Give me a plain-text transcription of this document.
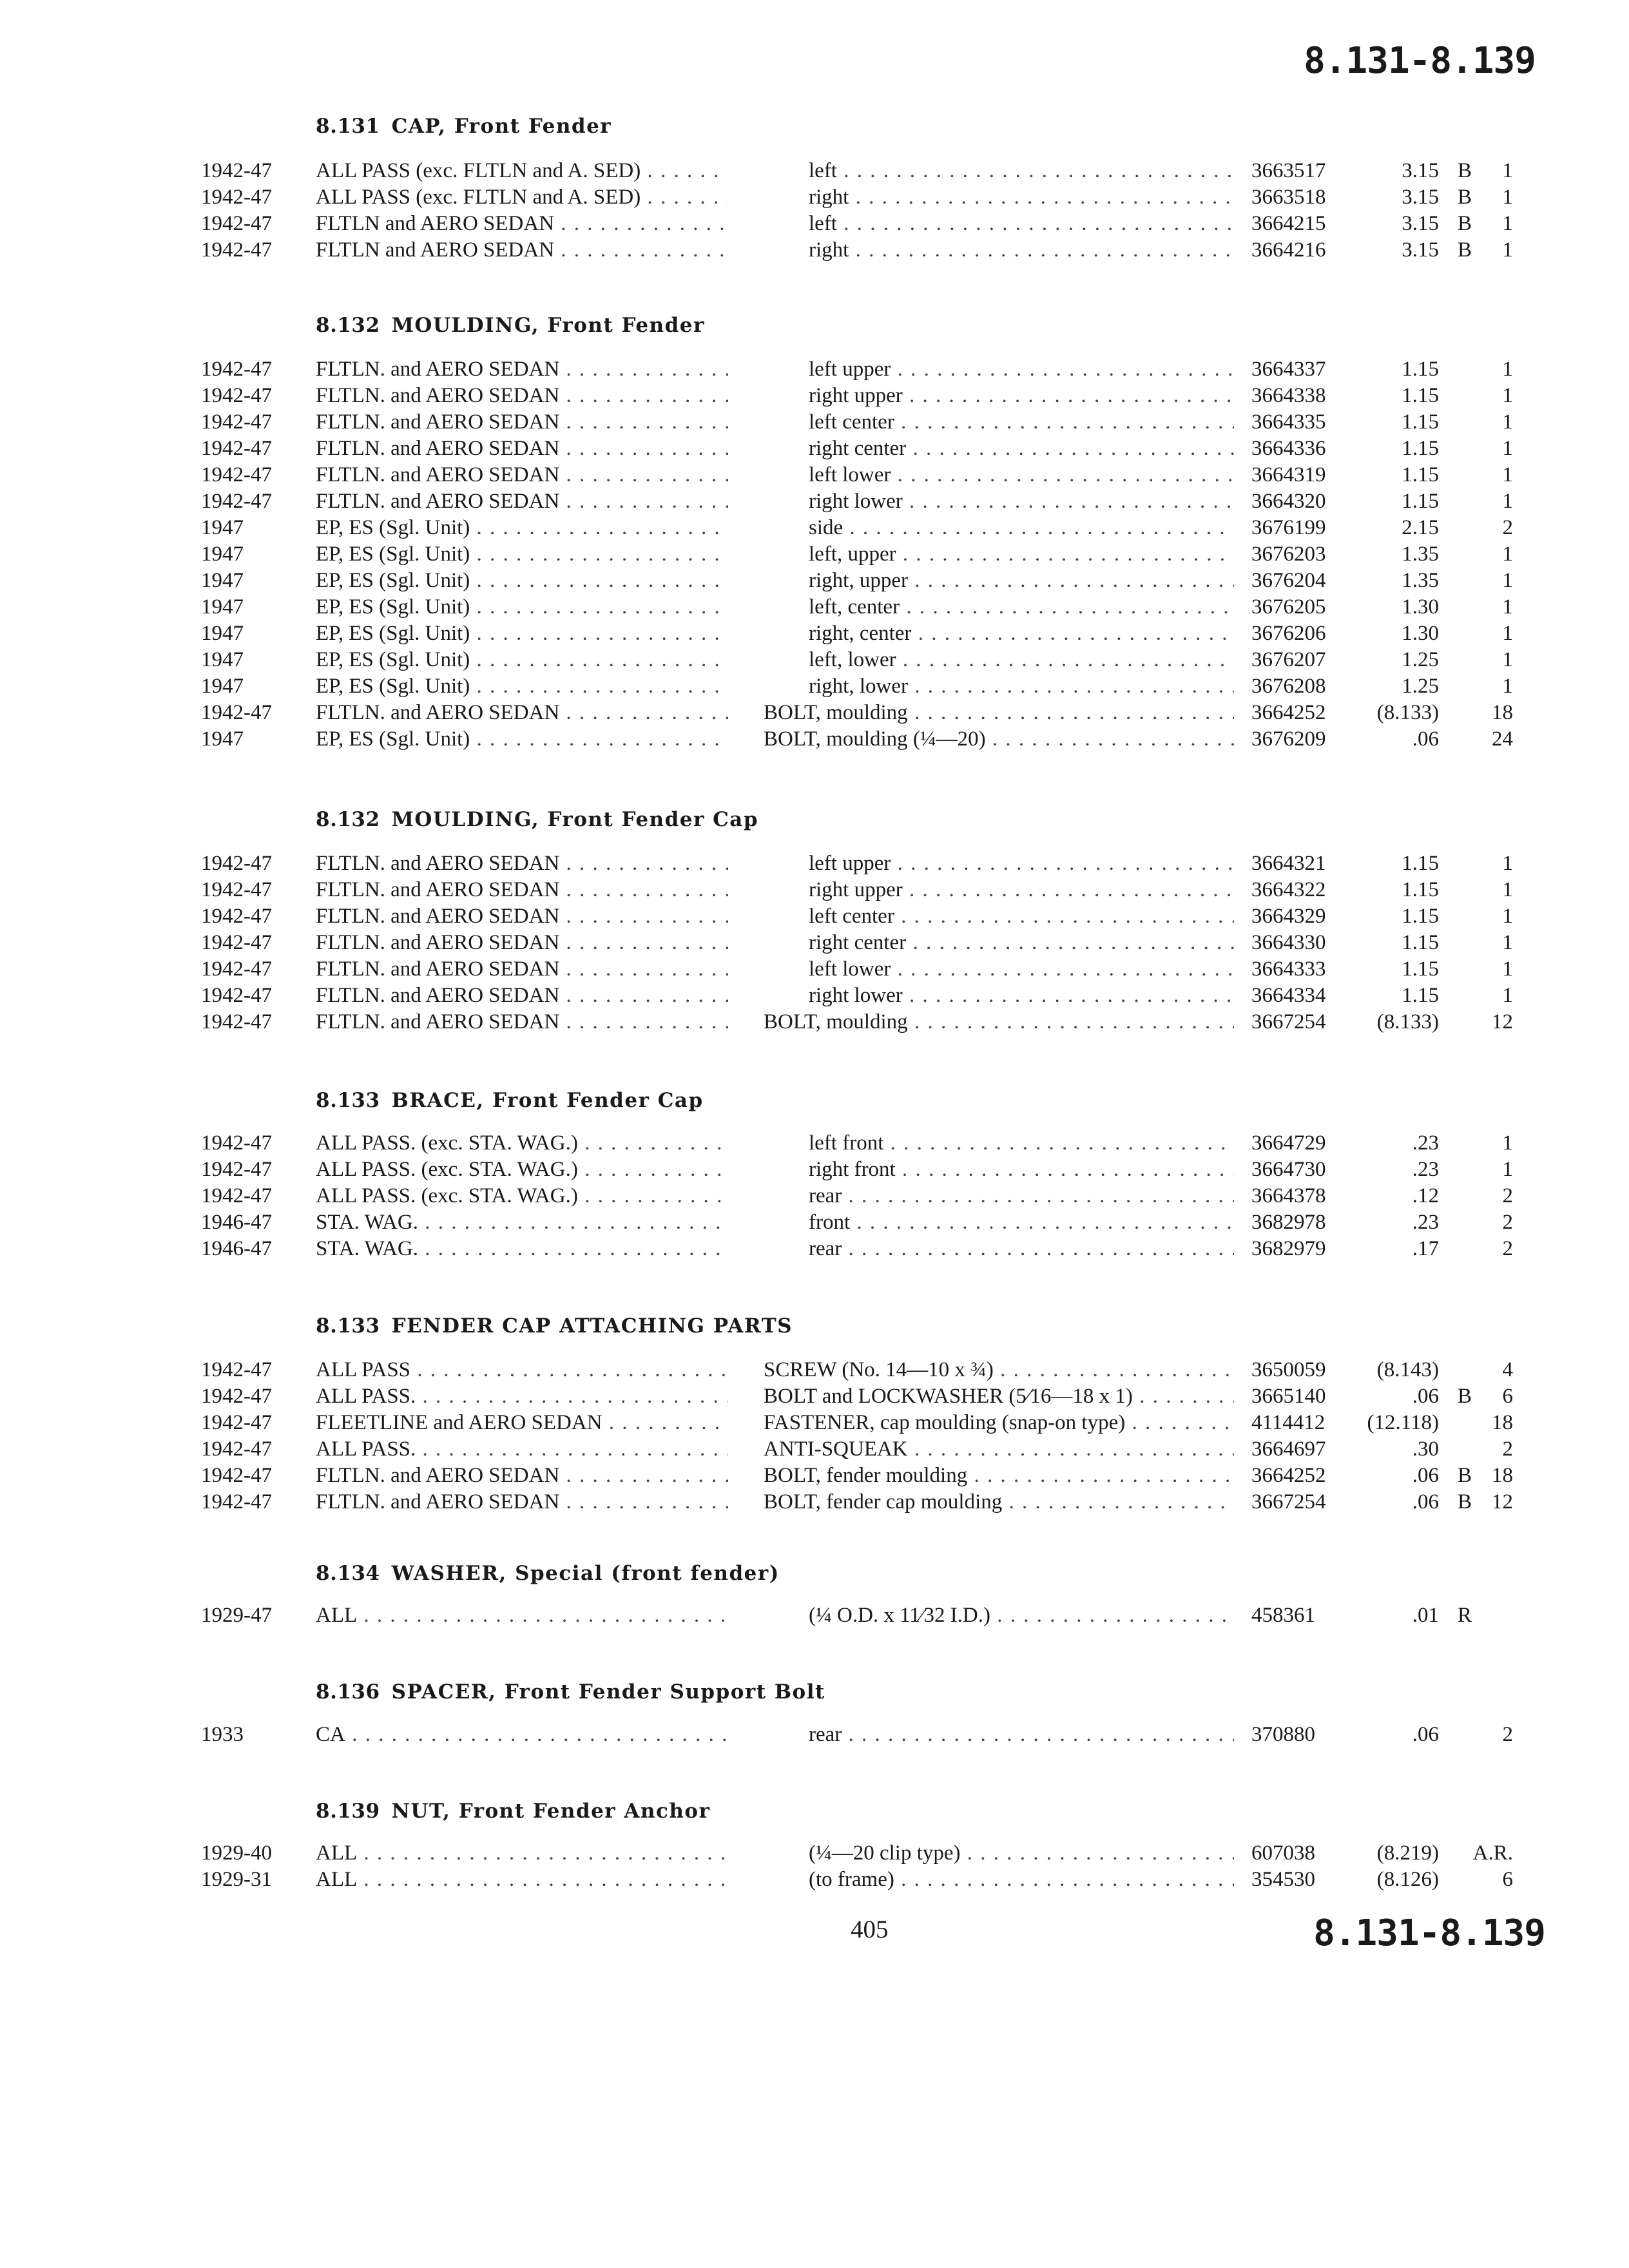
8.131-8.139
8.131 CAP, Front Fender
1942-47 ALL PASS (exc. FLTLN and A. SED) . . .	left . . .	3663517	3.15 B 1
1942-47 ALL PASS (exc. FLTLN and A. SED) . . .	right . . .	3663518	3.15 B 1
1942-47 FLTLN and AERO SEDAN . . .	left . . .	3664215	3.15 B 1
1942-47 FLTLN and AERO SEDAN . . .	right . . .	3664216	3.15 B 1
8.132 MOULDING, Front Fender
1942-47 FLTLN. and AERO SEDAN . . .	left upper . . .	3664337	1.15	1
1942-47 FLTLN. and AERO SEDAN . . .	right upper . . .	3664338	1.15	1
1942-47 FLTLN. and AERO SEDAN . . .	left center . . .	3664335	1.15	1
1942-47 FLTLN. and AERO SEDAN . . .	right center . . .	3664336	1.15	1
1942-47 FLTLN. and AERO SEDAN . . .	left lower . . .	3664319	1.15	1
1942-47 FLTLN. and AERO SEDAN . . .	right lower . . .	3664320	1.15	1
1947	EP, ES (Sgl. Unit) . . .	side . . .	3676199	2.15	2
1947	EP, ES (Sgl. Unit) . . .	left, upper . . .	3676203	1.35	1
1947	EP, ES (Sgl. Unit) . . .	right, upper . . .	3676204	1.35	1
1947	EP, ES (Sgl. Unit) . . .	left, center . . .	3676205	1.30	1
1947	EP, ES (Sgl. Unit) . . .	right, center . . .	3676206	1.30	1
1947	EP, ES (Sgl. Unit) . . .	left, lower . . .	3676207	1.25	1
1947	EP, ES (Sgl. Unit) . . .	right, lower . . .	3676208	1.25	1
1942-47 FLTLN. and AERO SEDAN . . .	BOLT, moulding . . .	3664252 (8.133) 18
1947	EP, ES (Sgl. Unit) . . .	BOLT, moulding (¼—20) . . .	3676209	.06 24
8.132 MOULDING, Front Fender Cap
1942-47 FLTLN. and AERO SEDAN . . .	left upper . . .	3664321	1.15	1
1942-47 FLTLN. and AERO SEDAN . . .	right upper . . .	3664322	1.15	1
1942-47 FLTLN. and AERO SEDAN . . .	left center . . .	3664329	1.15	1
1942-47 FLTLN. and AERO SEDAN . . .	right center . . .	3664330	1.15	1
1942-47 FLTLN. and AERO SEDAN . . .	left lower . . .	3664333	1.15	1
1942-47 FLTLN. and AERO SEDAN . . .	right lower . . .	3664334	1.15	1
1942-47 FLTLN. and AERO SEDAN . . .	BOLT, moulding . . .	3667254 (8.133) 12
8.133 BRACE, Front Fender Cap
1942-47 ALL PASS. (exc. STA. WAG.) . . .	left front . . .	3664729	.23	1
1942-47 ALL PASS. (exc. STA. WAG.) . . .	right front . . .	3664730	.23	1
1942-47 ALL PASS. (exc. STA. WAG.) . . .	rear . . .	3664378	.12	2
1946-47 STA. WAG. . . .	front . . .	3682978	.23	2
1946-47 STA. WAG. . . .	rear . . .	3682979	.17	2
8.133 FENDER CAP ATTACHING PARTS
1942-47 ALL PASS . . .	SCREW (No. 14—10 x ¾) . . .	3650059 (8.143)	4
1942-47 ALL PASS. . . .	BOLT and LOCKWASHER (5⁄16—18 x 1) . . .	3665140	.06 B 6
1942-47 FLEETLINE and AERO SEDAN . . .	FASTENER, cap moulding (snap-on type) . . .	4114412 (12.118) 18
1942-47 ALL PASS. . . .	ANTI-SQUEAK . . .	3664697	.30	2
1942-47 FLTLN. and AERO SEDAN . . .	BOLT, fender moulding . . .	3664252	.06 B 18
1942-47 FLTLN. and AERO SEDAN . . .	BOLT, fender cap moulding . . .	3667254	.06 B 12
8.134 WASHER, Special (front fender)
1929-47 ALL . . .	(¼ O.D. x 11⁄32 I.D.) . . .	458361	.01 R
8.136 SPACER, Front Fender Support Bolt
1933	CA . . .	rear . . .	370880	.06	2
8.139 NUT, Front Fender Anchor
1929-40 ALL . . .	(¼—20 clip type) . . .	607038	(8.219) A.R.
1929-31 ALL . . .	(to frame) . . .	354530	(8.126)	6
405	8.131-8.139
